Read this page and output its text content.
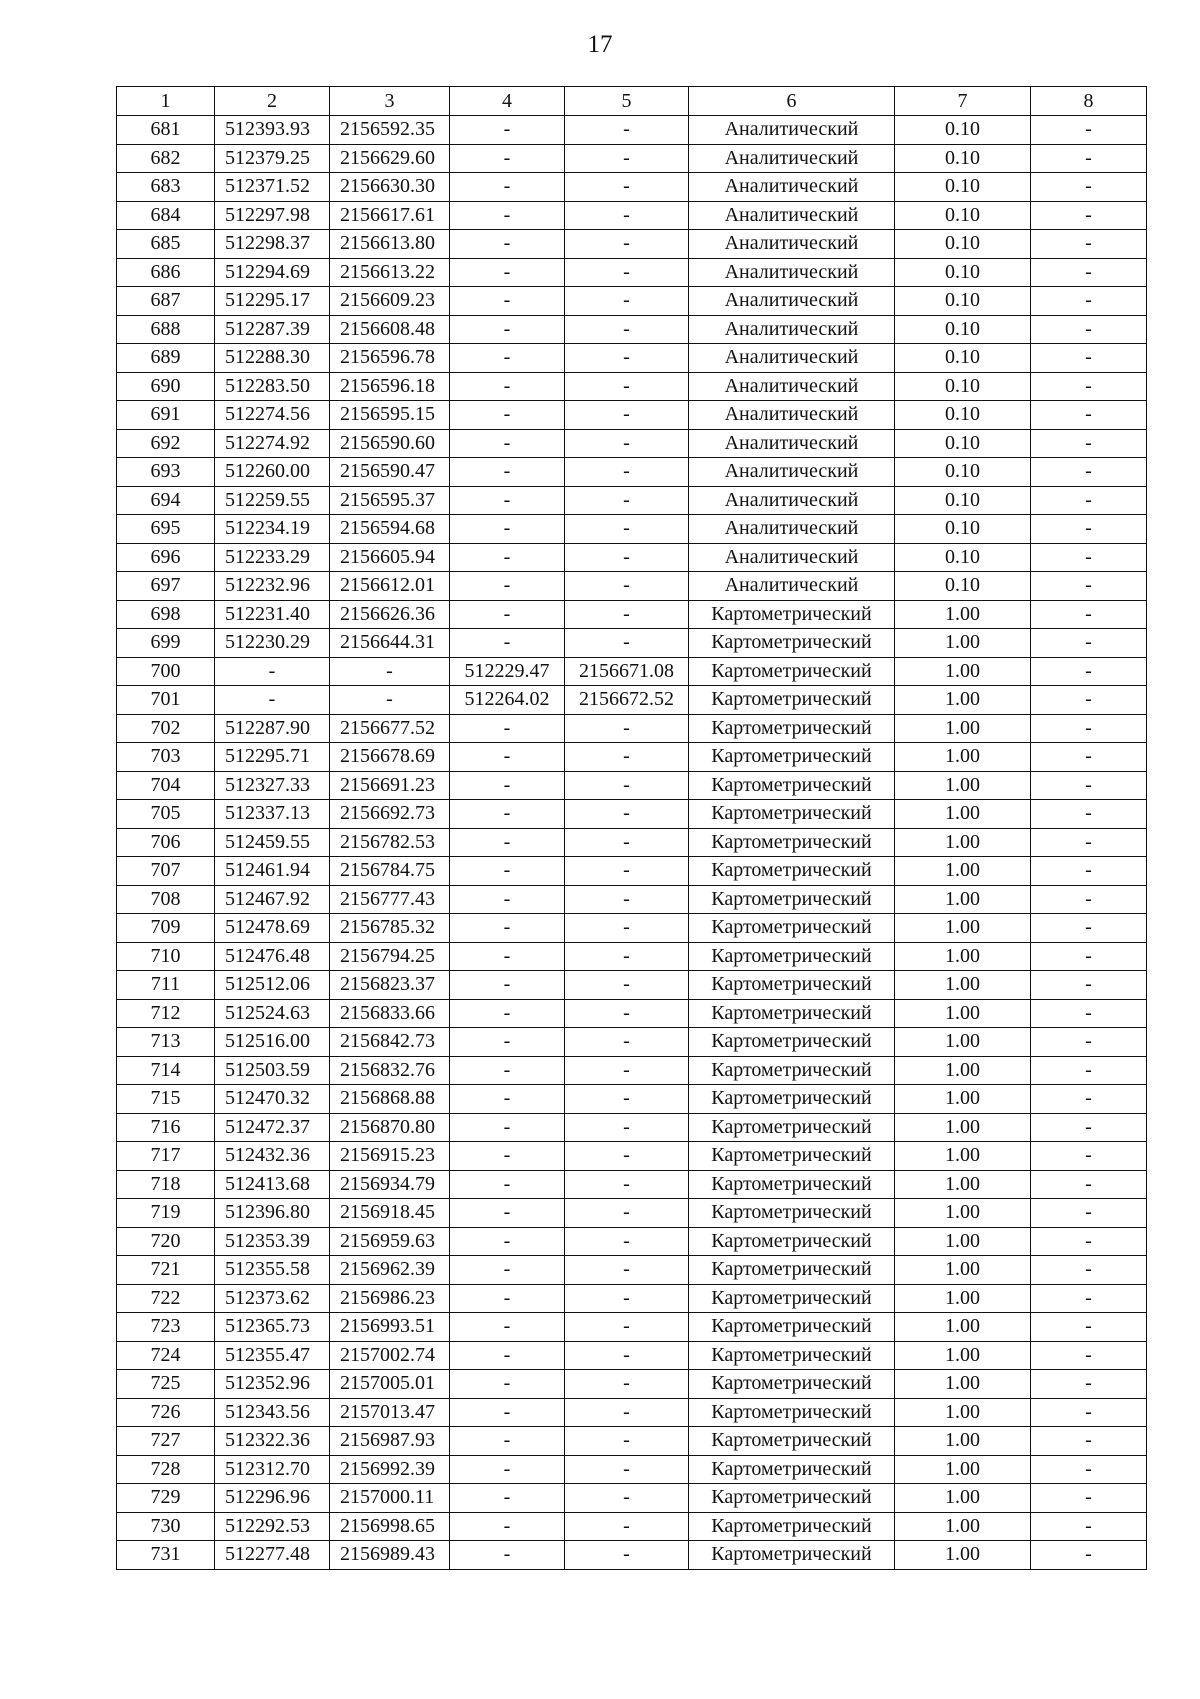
17
1	2	3	4	5	6	7	8
681	512393.93	2156592.35	-	-	Аналитический	0.10	-
682	512379.25	2156629.60	-	-	Аналитический	0.10	-
683	512371.52	2156630.30	-	-	Аналитический	0.10	-
684	512297.98	2156617.61	-	-	Аналитический	0.10	-
685	512298.37	2156613.80	-	-	Аналитический	0.10	-
686	512294.69	2156613.22	-	-	Аналитический	0.10	-
687	512295.17	2156609.23	-	-	Аналитический	0.10	-
688	512287.39	2156608.48	-	-	Аналитический	0.10	-
689	512288.30	2156596.78	-	-	Аналитический	0.10	-
690	512283.50	2156596.18	-	-	Аналитический	0.10	-
691	512274.56	2156595.15	-	-	Аналитический	0.10	-
692	512274.92	2156590.60	-	-	Аналитический	0.10	-
693	512260.00	2156590.47	-	-	Аналитический	0.10	-
694	512259.55	2156595.37	-	-	Аналитический	0.10	-
695	512234.19	2156594.68	-	-	Аналитический	0.10	-
696	512233.29	2156605.94	-	-	Аналитический	0.10	-
697	512232.96	2156612.01	-	-	Аналитический	0.10	-
698	512231.40	2156626.36	-	-	Картометрический	1.00	-
699	512230.29	2156644.31	-	-	Картометрический	1.00	-
700	-	-	512229.47	2156671.08	Картометрический	1.00	-
701	-	-	512264.02	2156672.52	Картометрический	1.00	-
702	512287.90	2156677.52	-	-	Картометрический	1.00	-
703	512295.71	2156678.69	-	-	Картометрический	1.00	-
704	512327.33	2156691.23	-	-	Картометрический	1.00	-
705	512337.13	2156692.73	-	-	Картометрический	1.00	-
706	512459.55	2156782.53	-	-	Картометрический	1.00	-
707	512461.94	2156784.75	-	-	Картометрический	1.00	-
708	512467.92	2156777.43	-	-	Картометрический	1.00	-
709	512478.69	2156785.32	-	-	Картометрический	1.00	-
710	512476.48	2156794.25	-	-	Картометрический	1.00	-
711	512512.06	2156823.37	-	-	Картометрический	1.00	-
712	512524.63	2156833.66	-	-	Картометрический	1.00	-
713	512516.00	2156842.73	-	-	Картометрический	1.00	-
714	512503.59	2156832.76	-	-	Картометрический	1.00	-
715	512470.32	2156868.88	-	-	Картометрический	1.00	-
716	512472.37	2156870.80	-	-	Картометрический	1.00	-
717	512432.36	2156915.23	-	-	Картометрический	1.00	-
718	512413.68	2156934.79	-	-	Картометрический	1.00	-
719	512396.80	2156918.45	-	-	Картометрический	1.00	-
720	512353.39	2156959.63	-	-	Картометрический	1.00	-
721	512355.58	2156962.39	-	-	Картометрический	1.00	-
722	512373.62	2156986.23	-	-	Картометрический	1.00	-
723	512365.73	2156993.51	-	-	Картометрический	1.00	-
724	512355.47	2157002.74	-	-	Картометрический	1.00	-
725	512352.96	2157005.01	-	-	Картометрический	1.00	-
726	512343.56	2157013.47	-	-	Картометрический	1.00	-
727	512322.36	2156987.93	-	-	Картометрический	1.00	-
728	512312.70	2156992.39	-	-	Картометрический	1.00	-
729	512296.96	2157000.11	-	-	Картометрический	1.00	-
730	512292.53	2156998.65	-	-	Картометрический	1.00	-
731	512277.48	2156989.43	-	-	Картометрический	1.00	-
